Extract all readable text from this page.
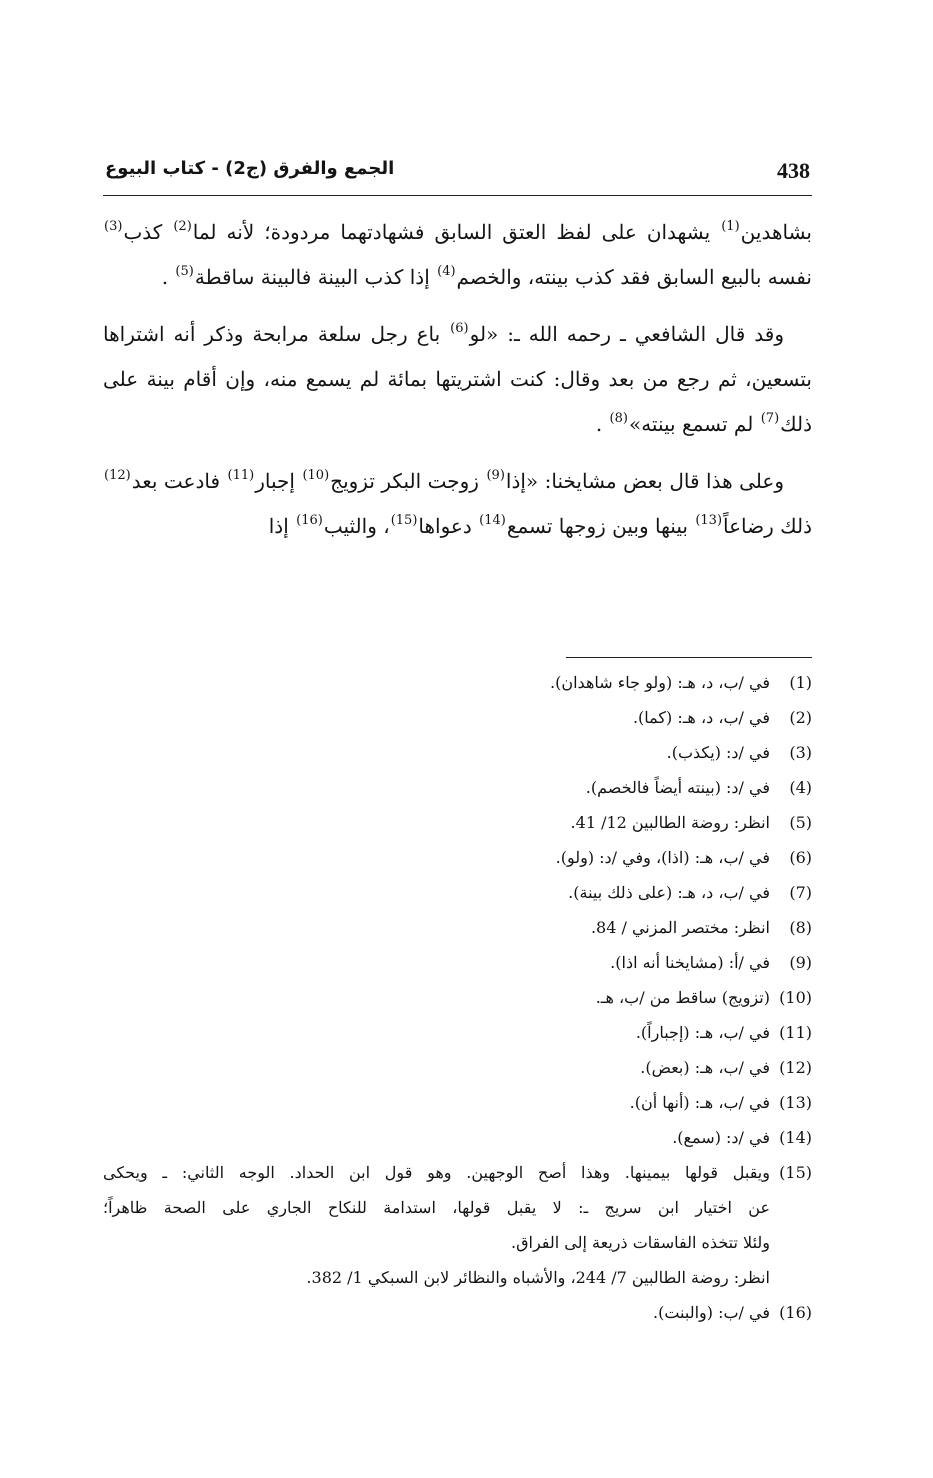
438
الجمع والفرق (ج2) - كتاب البيوع

بشاهدين$^{(1)}$ يشهدان على لفظ العتق السابق فشهادتهما مردودة؛ لأنه لما$^{(2)}$ كذب$^{(3)}$ نفسه بالبيع السابق فقد كذب بينته، والخصم$^{(4)}$ إذا كذب البينة فالبينة ساقطة$^{(5)}$ .

وقد قال الشافعي ـ رحمه الله ـ: «لو$^{(6)}$ باع رجل سلعة مرابحة وذكر أنه اشتراها بتسعين، ثم رجع من بعد وقال: كنت اشتريتها بمائة لم يسمع منه، وإن أقام بينة على ذلك$^{(7)}$ لم تسمع بينته»$^{(8)}$ .

وعلى هذا قال بعض مشايخنا: «إذا$^{(9)}$ زوجت البكر تزويج$^{(10)}$ إجبار$^{(11)}$ فادعت بعد$^{(12)}$ ذلك رضاعاً$^{(13)}$ بينها وبين زوجها تسمع$^{(14)}$ دعواها$^{(15)}$، والثيب$^{(16)}$ إذا

(1)
في /ب، د، هـ: (ولو جاء شاهدان).
(2)
في /ب، د، هـ: (كما).
(3)
في /د: (يكذب).
(4)
في /د: (بينته أيضاً فالخصم).
(5)
انظر: روضة الطالبين 12/ 41.
(6)
في /ب، هـ: (اذا)، وفي /د: (ولو).
(7)
في /ب، د، هـ: (على ذلك بينة).
(8)
انظر: مختصر المزني / 84.
(9)
في /أ: (مشايخنا أنه اذا).
(10)
(تزويج) ساقط من /ب، هـ.
(11)
في /ب، هـ: (إجباراً).
(12)
في /ب، هـ: (بعض).
(13)
في /ب، هـ: (أنها أن).
(14)
في /د: (سمع).
(15)
ويقبل قولها بيمينها. وهذا أصح الوجهين. وهو قول ابن الحداد. الوجه الثاني: ـ ويحكى
عن اختيار ابن سريج ـ: لا يقبل قولها، استدامة للنكاح الجاري على الصحة ظاهراً؛
ولئلا تتخذه الفاسقات ذريعة إلى الفراق.
انظر: روضة الطالبين 7/ 244، والأشباه والنظائر لابن السبكي 1/ 382.
(16)
في /ب: (والبنت).
